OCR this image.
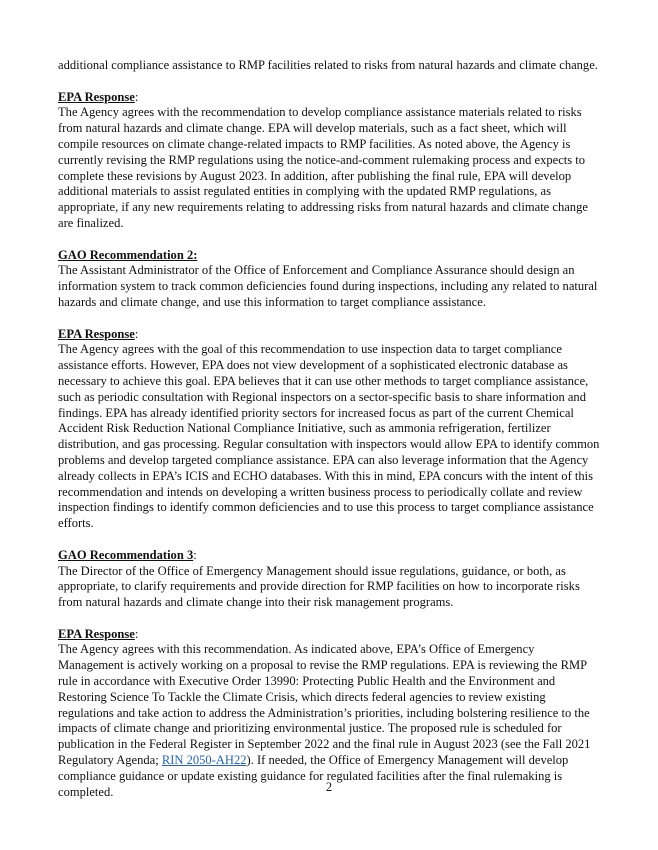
additional compliance assistance to RMP facilities related to risks from natural hazards and climate change.

EPA Response:

The Agency agrees with the recommendation to develop compliance assistance materials related to risks from natural hazards and climate change. EPA will develop materials, such as a fact sheet, which will compile resources on climate change-related impacts to RMP facilities. As noted above, the Agency is currently revising the RMP regulations using the notice-and-comment rulemaking process and expects to complete these revisions by August 2023. In addition, after publishing the final rule, EPA will develop additional materials to assist regulated entities in complying with the updated RMP regulations, as appropriate, if any new requirements relating to addressing risks from natural hazards and climate change are finalized.

GAO Recommendation 2:

The Assistant Administrator of the Office of Enforcement and Compliance Assurance should design an information system to track common deficiencies found during inspections, including any related to natural hazards and climate change, and use this information to target compliance assistance.

EPA Response:

The Agency agrees with the goal of this recommendation to use inspection data to target compliance assistance efforts. However, EPA does not view development of a sophisticated electronic database as necessary to achieve this goal. EPA believes that it can use other methods to target compliance assistance, such as periodic consultation with Regional inspectors on a sector-specific basis to share information and findings. EPA has already identified priority sectors for increased focus as part of the current Chemical Accident Risk Reduction National Compliance Initiative, such as ammonia refrigeration, fertilizer distribution, and gas processing. Regular consultation with inspectors would allow EPA to identify common problems and develop targeted compliance assistance. EPA can also leverage information that the Agency already collects in EPA’s ICIS and ECHO databases. With this in mind, EPA concurs with the intent of this recommendation and intends on developing a written business process to periodically collate and review inspection findings to identify common deficiencies and to use this process to target compliance assistance efforts.

GAO Recommendation 3:

The Director of the Office of Emergency Management should issue regulations, guidance, or both, as appropriate, to clarify requirements and provide direction for RMP facilities on how to incorporate risks from natural hazards and climate change into their risk management programs.

EPA Response:

The Agency agrees with this recommendation. As indicated above, EPA’s Office of Emergency Management is actively working on a proposal to revise the RMP regulations. EPA is reviewing the RMP rule in accordance with Executive Order 13990: Protecting Public Health and the Environment and Restoring Science To Tackle the Climate Crisis, which directs federal agencies to review existing regulations and take action to address the Administration’s priorities, including bolstering resilience to the impacts of climate change and prioritizing environmental justice. The proposed rule is scheduled for publication in the Federal Register in September 2022 and the final rule in August 2023 (see the Fall 2021 Regulatory Agenda; RIN 2050-AH22). If needed, the Office of Emergency Management will develop compliance guidance or update existing guidance for regulated facilities after the final rulemaking is completed.	2
